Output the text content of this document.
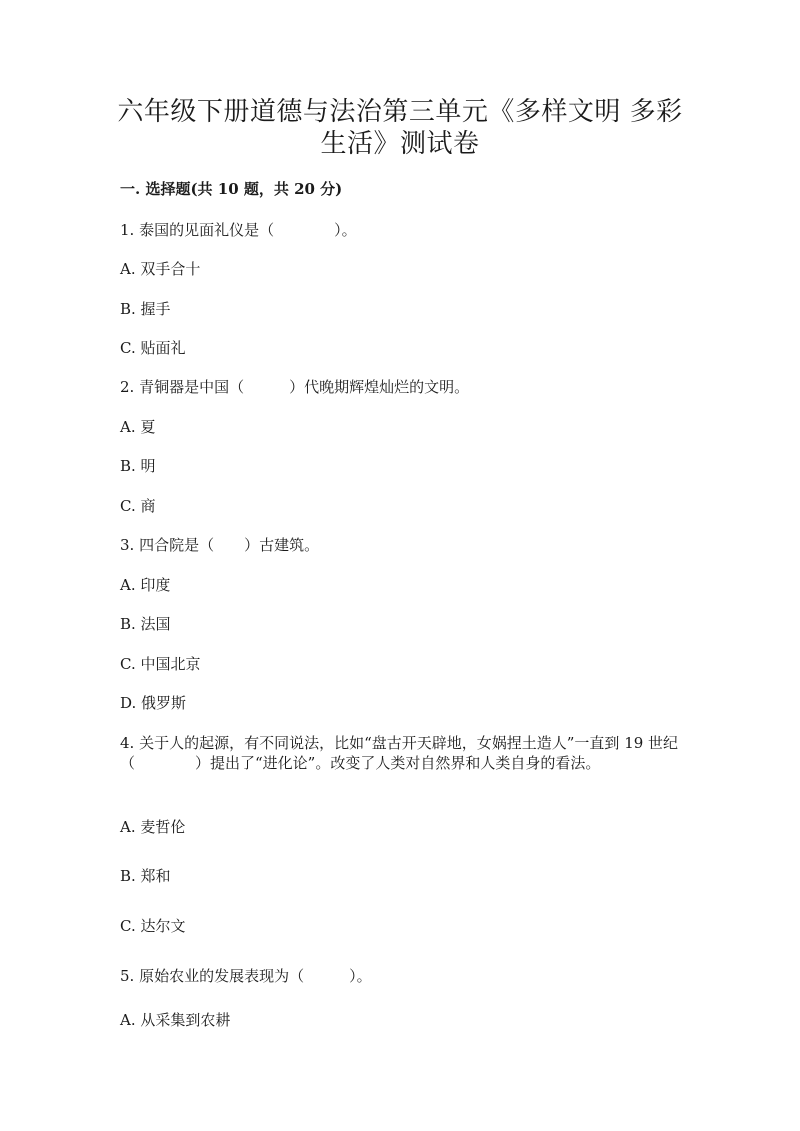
六年级下册道德与法治第三单元《多样文明 多彩生活》测试卷
一. 选择题(共 10 题，共 20 分)

1. 泰国的见面礼仪是（　　　　）。

A. 双手合十

B. 握手

C. 贴面礼

2. 青铜器是中国（　　　）代晚期辉煌灿烂的文明。

A. 夏

B. 明

C. 商

3. 四合院是（　　）古建筑。

A. 印度

B. 法国

C. 中国北京

D. 俄罗斯

4. 关于人的起源，有不同说法，比如“盘古开天辟地，女娲捏土造人”一直到 19 世纪（　　　　）提出了“进化论”。改变了人类对自然界和人类自身的看法。

A. 麦哲伦

B. 郑和

C. 达尔文

5. 原始农业的发展表现为（　　　）。

A. 从采集到农耕
